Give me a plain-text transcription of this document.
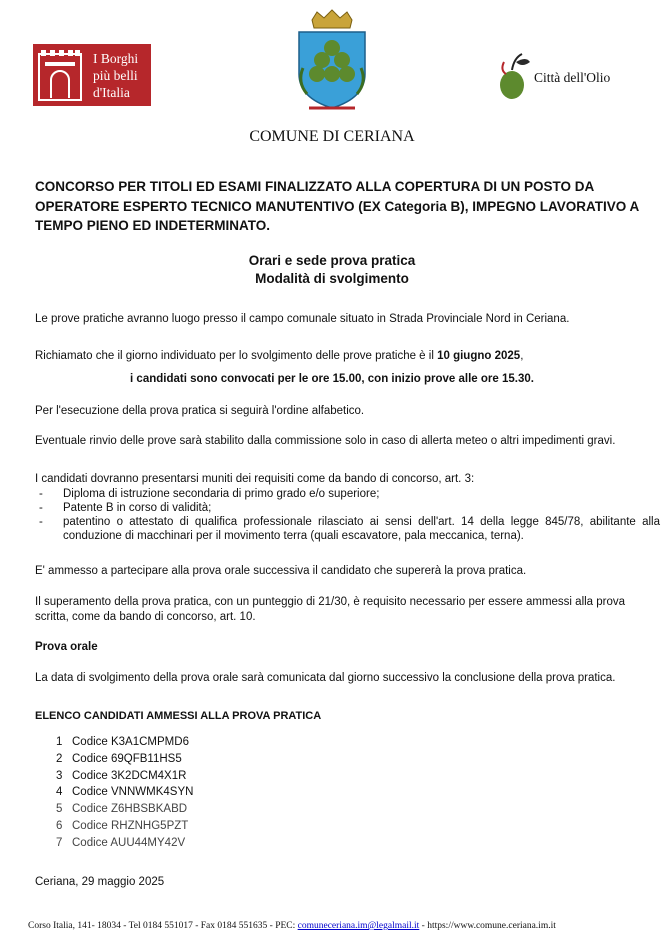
I Borghi
più belli
d'Italia
Città dell'Olio
COMUNE DI CERIANA
CONCORSO PER TITOLI ED ESAMI FINALIZZATO ALLA COPERTURA DI UN POSTO DA OPERATORE ESPERTO TECNICO MANUTENTIVO (EX Categoria B), IMPEGNO LAVORATIVO A TEMPO PIENO ED INDETERMINATO.
Orari e sede prova pratica
Modalità di svolgimento
Le prove pratiche avranno luogo presso il campo comunale situato in Strada Provinciale Nord in Ceriana.
Richiamato che il giorno individuato per lo svolgimento delle prove pratiche è il 10 giugno 2025,
i candidati sono convocati per le ore 15.00, con inizio prove alle ore 15.30.
Per l'esecuzione della prova pratica si seguirà l'ordine alfabetico.
Eventuale rinvio delle prove sarà stabilito dalla commissione solo in caso di allerta meteo o altri impedimenti gravi.
I candidati dovranno presentarsi muniti dei requisiti come da bando di concorso, art. 3:
- Diploma di istruzione secondaria di primo grado e/o superiore;
- Patente B in corso di validità;
- patentino o attestato di qualifica professionale rilasciato ai sensi dell'art. 14 della legge 845/78, abilitante alla conduzione di macchinari per il movimento terra (quali escavatore, pala meccanica, terna).
E' ammesso a partecipare alla prova orale successiva il candidato che supererà la prova pratica.
Il superamento della prova pratica, con un punteggio di 21/30, è requisito necessario per essere ammessi alla prova scritta, come da bando di concorso, art. 10.
Prova orale
La data di svolgimento della prova orale sarà comunicata dal giorno successivo la conclusione della prova pratica.
ELENCO CANDIDATI AMMESSI ALLA PROVA PRATICA
1 Codice K3A1CMPMD6
2 Codice 69QFB11HS5
3 Codice 3K2DCM4X1R
4 Codice VNNWMK4SYN
5 Codice Z6HBSBKABD
6 Codice RHZNHG5PZT
7 Codice AUU44MY42V
Ceriana, 29 maggio 2025
Corso Italia, 141- 18034 - Tel 0184 551017 - Fax 0184 551635 - PEC: comuneceriana.im@legalmail.it - https://www.comune.ceriana.im.it
